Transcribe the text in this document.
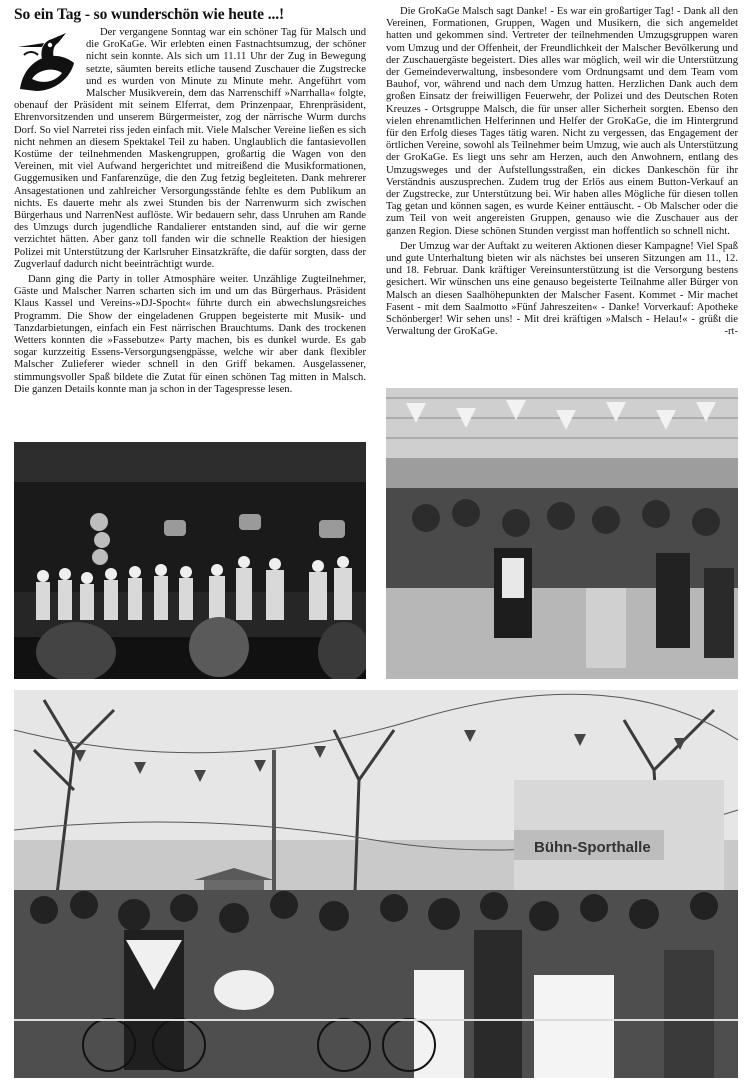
So ein Tag - so wunderschön wie heute ...!

Der vergangene Sonntag war ein schöner Tag für Malsch und die GroKaGe. Wir erlebten einen Fastnachtsumzug, der schöner nicht sein konnte. Als sich um 11.11 Uhr der Zug in Bewegung setzte, säumten bereits etliche tausend Zuschauer die Zugstrecke und es wurden von Minute zu Minute mehr. Angeführt vom Malscher Musikverein, dem das Narrenschiff »Narrhalla« folgte, obenauf der Präsident mit seinem Elferrat, dem Prinzenpaar, Ehrenpräsident, Ehrenvorsitzenden und unserem Bürgermeister, zog der närrische Wurm durchs Dorf. So viel Narretei riss jeden einfach mit. Viele Malscher Vereine ließen es sich nicht nehmen an diesem Spektakel Teil zu haben. Unglaublich die fantasievollen Kostüme der teilnehmenden Maskengruppen, großartig die Wagen von den Vereinen, mit viel Aufwand hergerichtet und mitreißend die Musikformationen, Guggemusiken und Fanfarenzüge, die den Zug fetzig begleiteten. Dank mehrerer Ansagestationen und zahlreicher Versorgungsstände fehlte es dem Publikum an nichts. Es dauerte mehr als zwei Stunden bis der Narrenwurm sich zwischen Bürgerhaus und NarrenNest auflöste. Wir bedauern sehr, dass Unruhen am Rande des Umzugs durch jugendliche Randalierer entstanden sind, auf die wir gerne verzichtet hätten. Aber ganz toll fanden wir die schnelle Reaktion der hiesigen Polizei mit Unterstützung der Karlsruher Einsatzkräfte, die dafür sorgten, dass der Zugverlauf dadurch nicht beeinträchtigt wurde.

Dann ging die Party in toller Atmosphäre weiter. Unzählige Zugteilnehmer, Gäste und Malscher Narren scharten sich im und um das Bürgerhaus. Präsident Klaus Kassel und Vereins-»DJ-Spocht« führte durch ein abwechslungsreiches Programm. Die Show der eingeladenen Gruppen begeisterte mit Musik- und Tanzdarbietungen, einfach ein Fest närrischen Brauchtums. Dank des trockenen Wetters konnten die »Fassebutze« Party machen, bis es dunkel wurde. Es gab sogar kurzzeitig Essens-Versorgungsengpässe, welche wir aber dank flexibler Malscher Zulieferer wieder schnell in den Griff bekamen. Ausgelassener, stimmungsvoller Spaß bildete die Zutat für einen schönen Tag mitten in Malsch. Die ganzen Details konnte man ja schon in der Tagespresse lesen.

Die GroKaGe Malsch sagt Danke! - Es war ein großartiger Tag! - Dank all den Vereinen, Formationen, Gruppen, Wagen und Musikern, die sich angemeldet hatten und gekommen sind. Vertreter der teilnehmenden Umzugsgruppen waren vom Umzug und der Offenheit, der Freundlichkeit der Malscher Bevölkerung und der Zuschauergäste begeistert. Dies alles war möglich, weil wir die Unterstützung der Gemeindeverwaltung, insbesondere vom Ordnungsamt und dem Team vom Bauhof, vor, während und nach dem Umzug hatten. Herzlichen Dank auch dem großen Einsatz der freiwilligen Feuerwehr, der Polizei und des Deutschen Roten Kreuzes - Ortsgruppe Malsch, die für unser aller Sicherheit sorgten. Ebenso den vielen ehrenamtlichen Helferinnen und Helfer der GroKaGe, die im Hintergrund für den Erfolg dieses Tages tätig waren. Nicht zu vergessen, das Engagement der örtlichen Vereine, sowohl als Teilnehmer beim Umzug, wie auch als Unterstützung der GroKaGe. Es liegt uns sehr am Herzen, auch den Anwohnern, entlang des Umzugsweges und der Aufstellungsstraßen, ein dickes Dankeschön für ihr Verständnis auszusprechen. Zudem trug der Erlös aus einem Button-Verkauf an der Zugstrecke, zur Unterstützung bei. Wir haben alles Mögliche für diesen tollen Tag getan und können sagen, es wurde Keiner enttäuscht. - Ob Malscher oder die zum Teil von weit angereisten Gruppen, genauso wie die Zuschauer aus der ganzen Region. Diese schönen Stunden vergisst man hoffentlich so schnell nicht.

Der Umzug war der Auftakt zu weiteren Aktionen dieser Kampagne! Viel Spaß und gute Unterhaltung bieten wir als nächstes bei unseren Sitzungen am 11., 12. und 18. Februar. Dank kräftiger Vereinsunterstützung ist die Versorgung bestens gesichert. Wir wünschen uns eine genauso begeisterte Teilnahme aller Bürger von Malsch an diesen Saalhöhepunkten der Malscher Fasent. Kommet - Mir machet Fasent - mit dem Saalmotto »Fünf Jahreszeiten« - Danke! Vorverkauf: Apotheke Schönberger! Wir sehen uns! - Mit drei kräftigen »Malsch - Helau!« - grüßt die Verwaltung der GroKaGe.	-rt-

Bühn-Sporthalle
